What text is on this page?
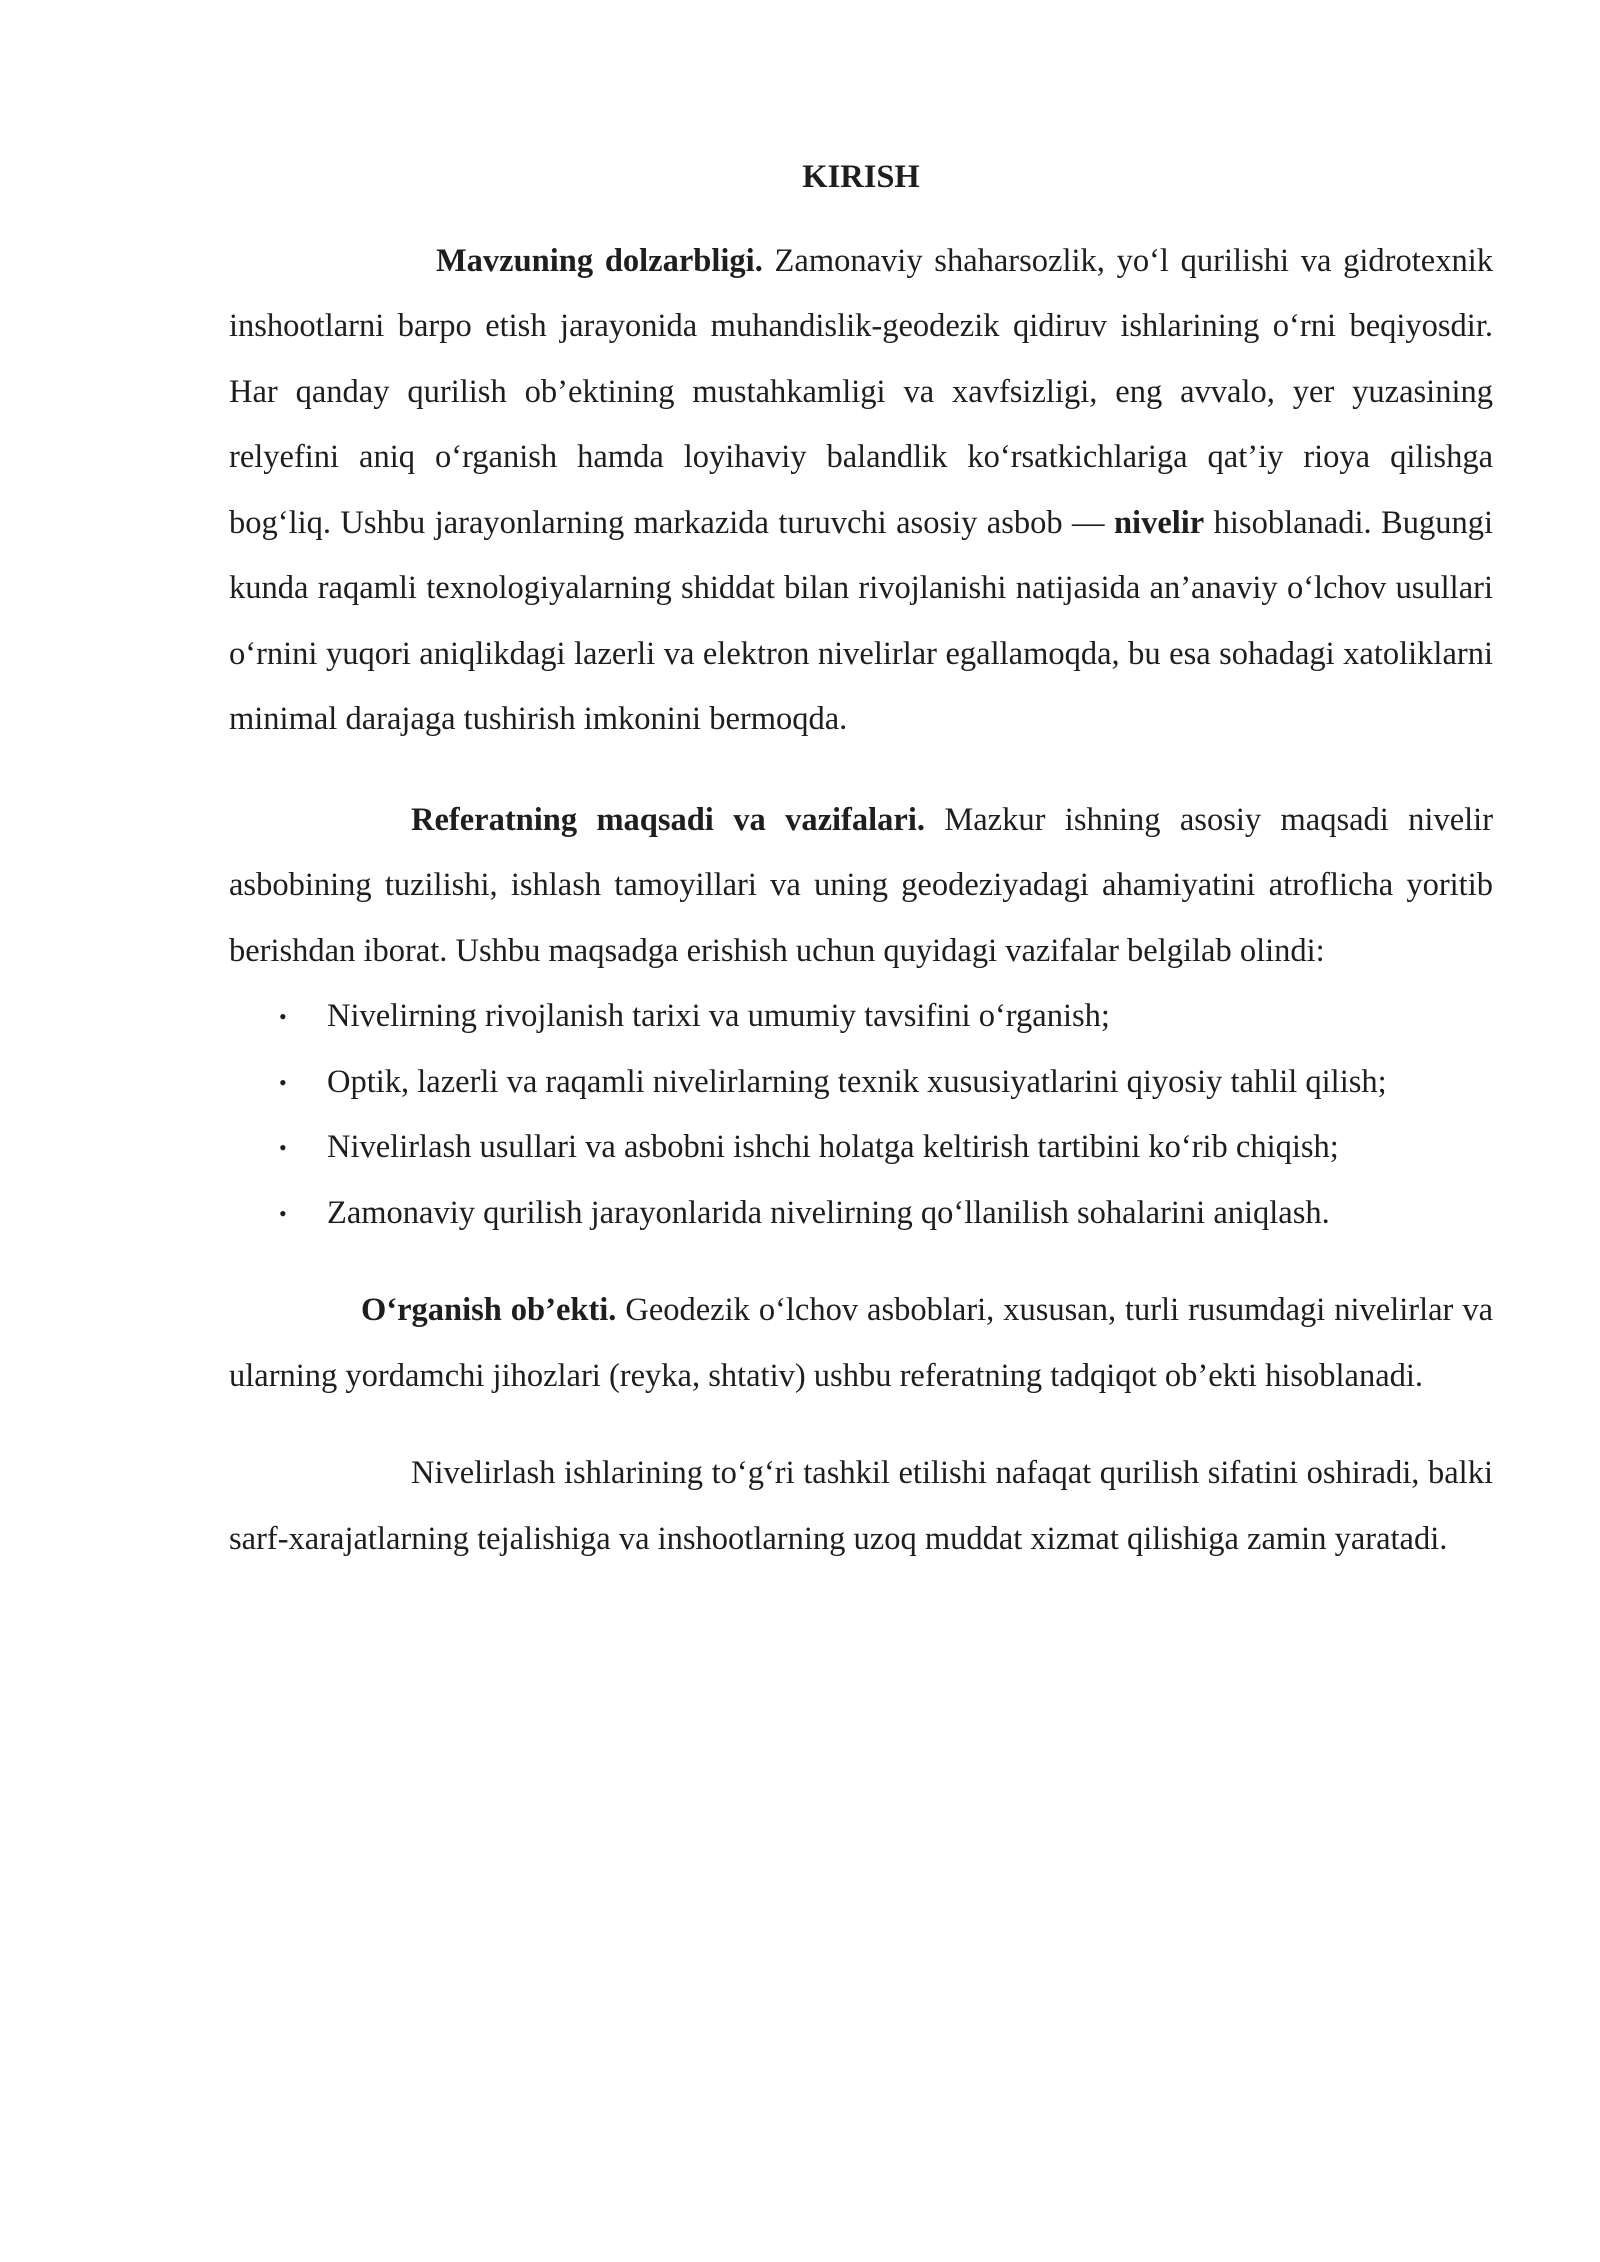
KIRISH

Mavzuning dolzarbligi. Zamonaviy shaharsozlik, yo‘l qurilishi va gidrotexnik inshootlarni barpo etish jarayonida muhandislik-geodezik qidiruv ishlarining o‘rni beqiyosdir. Har qanday qurilish ob’ektining mustahkamligi va xavfsizligi, eng avvalo, yer yuzasining relyefini aniq o‘rganish hamda loyihaviy balandlik ko‘rsatkichlariga qat’iy rioya qilishga bog‘liq. Ushbu jarayonlarning markazida turuvchi asosiy asbob — nivelir hisoblanadi. Bugungi kunda raqamli texnologiyalarning shiddat bilan rivojlanishi natijasida an’anaviy o‘lchov usullari o‘rnini yuqori aniqlikdagi lazerli va elektron nivelirlar egallamoqda, bu esa sohadagi xatoliklarni minimal darajaga tushirish imkonini bermoqda.

Referatning maqsadi va vazifalari. Mazkur ishning asosiy maqsadi nivelir asbobining tuzilishi, ishlash tamoyillari va uning geodeziyadagi ahamiyatini atroflicha yoritib berishdan iborat. Ushbu maqsadga erishish uchun quyidagi vazifalar belgilab olindi:

• Nivelirning rivojlanish tarixi va umumiy tavsifini o‘rganish;
• Optik, lazerli va raqamli nivelirlarning texnik xususiyatlarini qiyosiy tahlil qilish;
• Nivelirlash usullari va asbobni ishchi holatga keltirish tartibini ko‘rib chiqish;
• Zamonaviy qurilish jarayonlarida nivelirning qo‘llanilish sohalarini aniqlash.

O‘rganish ob’ekti. Geodezik o‘lchov asboblari, xususan, turli rusumdagi nivelirlar va ularning yordamchi jihozlari (reyka, shtativ) ushbu referatning tadqiqot ob’ekti hisoblanadi.

Nivelirlash ishlarining to‘g‘ri tashkil etilishi nafaqat qurilish sifatini oshiradi, balki sarf-xarajatlarning tejalishiga va inshootlarning uzoq muddat xizmat qilishiga zamin yaratadi.
